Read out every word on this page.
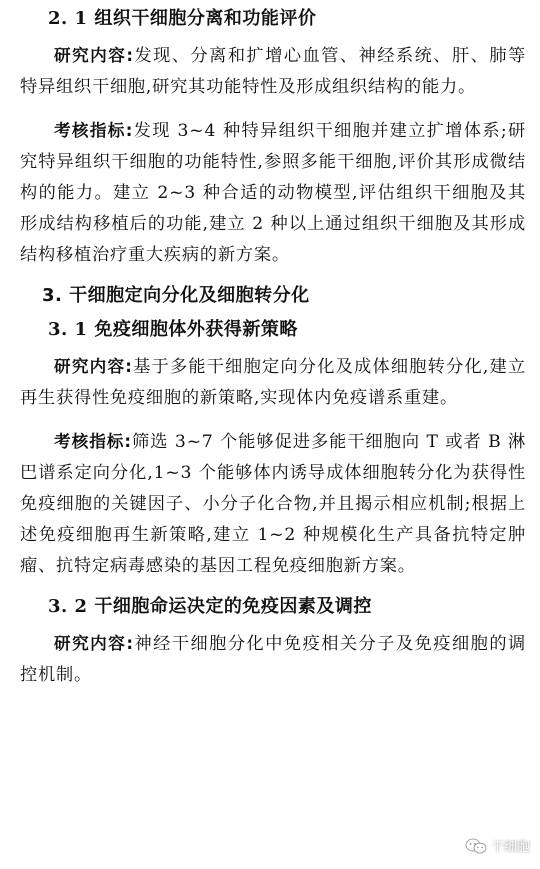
2. 1 组织干细胞分离和功能评价

研究内容:发现、分离和扩增心血管、神经系统、肝、肺等特异组织干细胞,研究其功能特性及形成组织结构的能力。

考核指标:发现 3~4 种特异组织干细胞并建立扩增体系;研究特异组织干细胞的功能特性,参照多能干细胞,评价其形成微结构的能力。建立 2~3 种合适的动物模型,评估组织干细胞及其形成结构移植后的功能,建立 2 种以上通过组织干细胞及其形成结构移植治疗重大疾病的新方案。

3. 干细胞定向分化及细胞转分化
3. 1 免疫细胞体外获得新策略

研究内容:基于多能干细胞定向分化及成体细胞转分化,建立再生获得性免疫细胞的新策略,实现体内免疫谱系重建。

考核指标:筛选 3~7 个能够促进多能干细胞向 T 或者 B 淋巴谱系定向分化,1~3 个能够体内诱导成体细胞转分化为获得性免疫细胞的关键因子、小分子化合物,并且揭示相应机制;根据上述免疫细胞再生新策略,建立 1~2 种规模化生产具备抗特定肿瘤、抗特定病毒感染的基因工程免疫细胞新方案。

3. 2 干细胞命运决定的免疫因素及调控

研究内容:神经干细胞分化中免疫相关分子及免疫细胞的调控机制。

干细胞
